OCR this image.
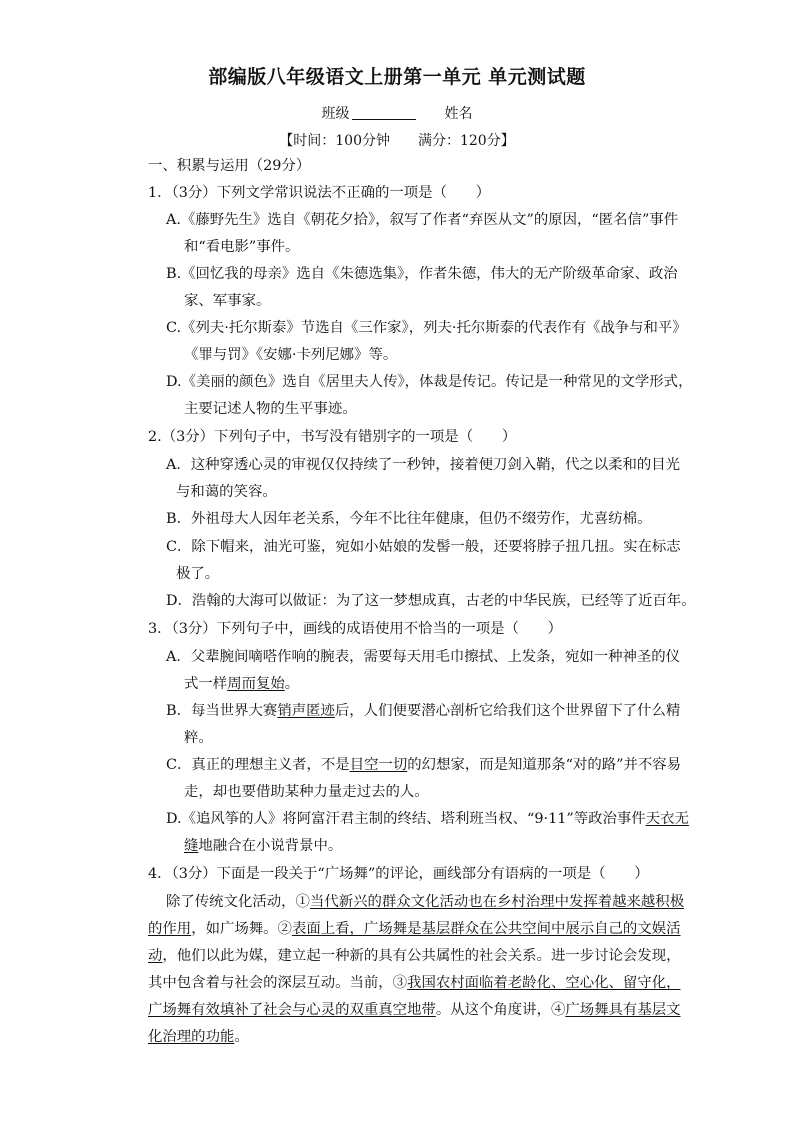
部编版八年级语文上册第一单元 单元测试题
班级	姓名
【时间：100分钟　　满分：120分】
一、积累与运用（29分）
1．（3分）下列文学常识说法不正确的一项是（　　）
A.《藤野先生》选自《朝花夕拾》，叙写了作者“弃医从文”的原因，“匿名信”事件
和“看电影”事件。
B.《回忆我的母亲》选自《朱德选集》，作者朱德，伟大的无产阶级革命家、政治
家、军事家。
C.《列夫·托尔斯泰》节选自《三作家》，列夫·托尔斯泰的代表作有《战争与和平》
《罪与罚》《安娜·卡列尼娜》等。
D.《美丽的颜色》选自《居里夫人传》，体裁是传记。传记是一种常见的文学形式，
主要记述人物的生平事迹。
2.（3分）下列句子中，书写没有错别字的一项是（　　）
A．这种穿透心灵的审视仅仅持续了一秒钟，接着便刀剑入鞘，代之以柔和的目光
与和蔼的笑容。
B．外祖母大人因年老关系，今年不比往年健康，但仍不缀劳作，尤喜纺棉。
C．除下帽来，油光可鉴，宛如小姑娘的发髻一般，还要将脖子扭几扭。实在标志
极了。
D．浩翰的大海可以做证：为了这一梦想成真，古老的中华民族，已经等了近百年。
3．（3分）下列句子中，画线的成语使用不恰当的一项是（　　）
A．父辈腕间嘀嗒作响的腕表，需要每天用毛巾擦拭、上发条，宛如一种神圣的仪
式一样周而复始。
B．每当世界大赛销声匿迹后，人们便要潜心剖析它给我们这个世界留下了什么精
粹。
C．真正的理想主义者，不是目空一切的幻想家，而是知道那条“对的路”并不容易
走，却也要借助某种力量走过去的人。
D.《追风筝的人》将阿富汗君主制的终结、塔利班当权、“9·11”等政治事件天衣无
缝地融合在小说背景中。
4．（3分）下面是一段关于“广场舞”的评论，画线部分有语病的一项是（　　）
除了传统文化活动，①当代新兴的群众文化活动也在乡村治理中发挥着越来越积极
的作用，如广场舞。②表面上看，广场舞是基层群众在公共空间中展示自己的文娱活
动，他们以此为媒，建立起一种新的具有公共属性的社会关系。进一步讨论会发现，
其中包含着与社会的深层互动。当前，③我国农村面临着老龄化、空心化、留守化，
广场舞有效填补了社会与心灵的双重真空地带。从这个角度讲，④广场舞具有基层文
化治理的功能。
